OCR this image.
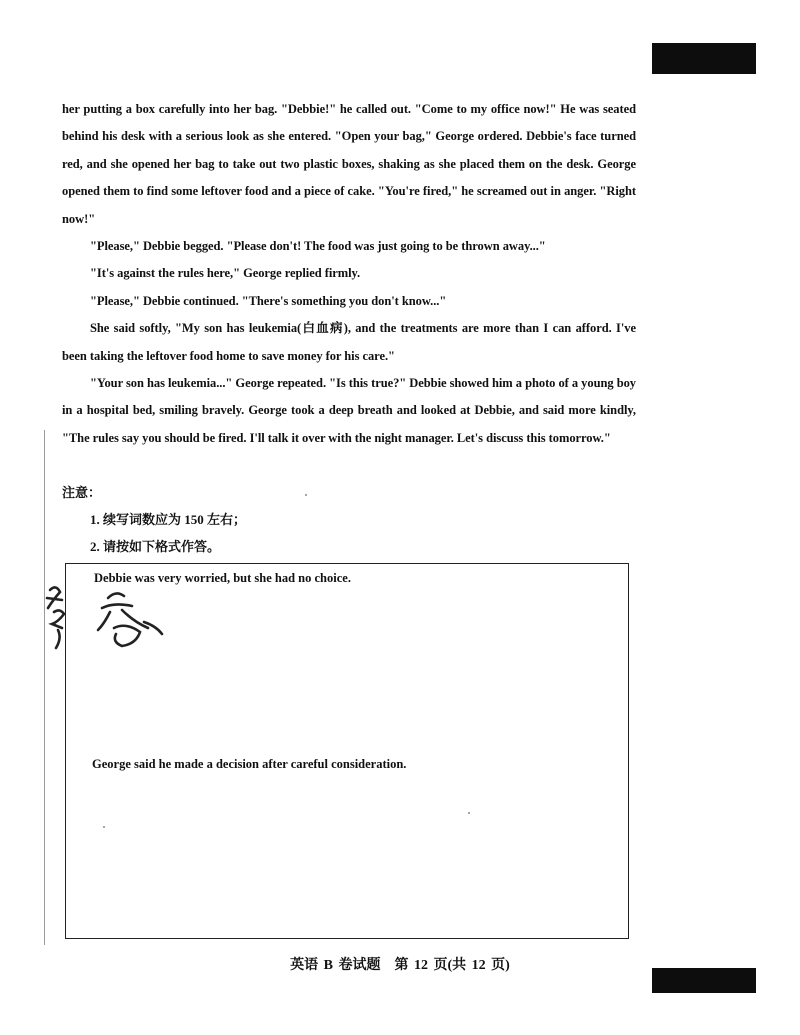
her putting a box carefully into her bag. "Debbie!" he called out. "Come to my office now!" He was seated behind his desk with a serious look as she entered. "Open your bag," George ordered. Debbie's face turned red, and she opened her bag to take out two plastic boxes, shaking as she placed them on the desk. George opened them to find some leftover food and a piece of cake. "You're fired," he screamed out in anger. "Right now!"

"Please," Debbie begged. "Please don't! The food was just going to be thrown away..."

"It's against the rules here," George replied firmly.

"Please," Debbie continued. "There's something you don't know..."

She said softly, "My son has leukemia(白血病), and the treatments are more than I can afford. I've been taking the leftover food home to save money for his care."

"Your son has leukemia..." George repeated. "Is this true?" Debbie showed him a photo of a young boy in a hospital bed, smiling bravely. George took a deep breath and looked at Debbie, and said more kindly, "The rules say you should be fired. I'll talk it over with the night manager. Let's discuss this tomorrow."

注意：
1. 续写词数应为 150 左右；
2. 请按如下格式作答。
Debbie was very worried, but she had no choice.
George said he made a decision after careful consideration.
英语 B 卷试题　第 12 页(共 12 页)
